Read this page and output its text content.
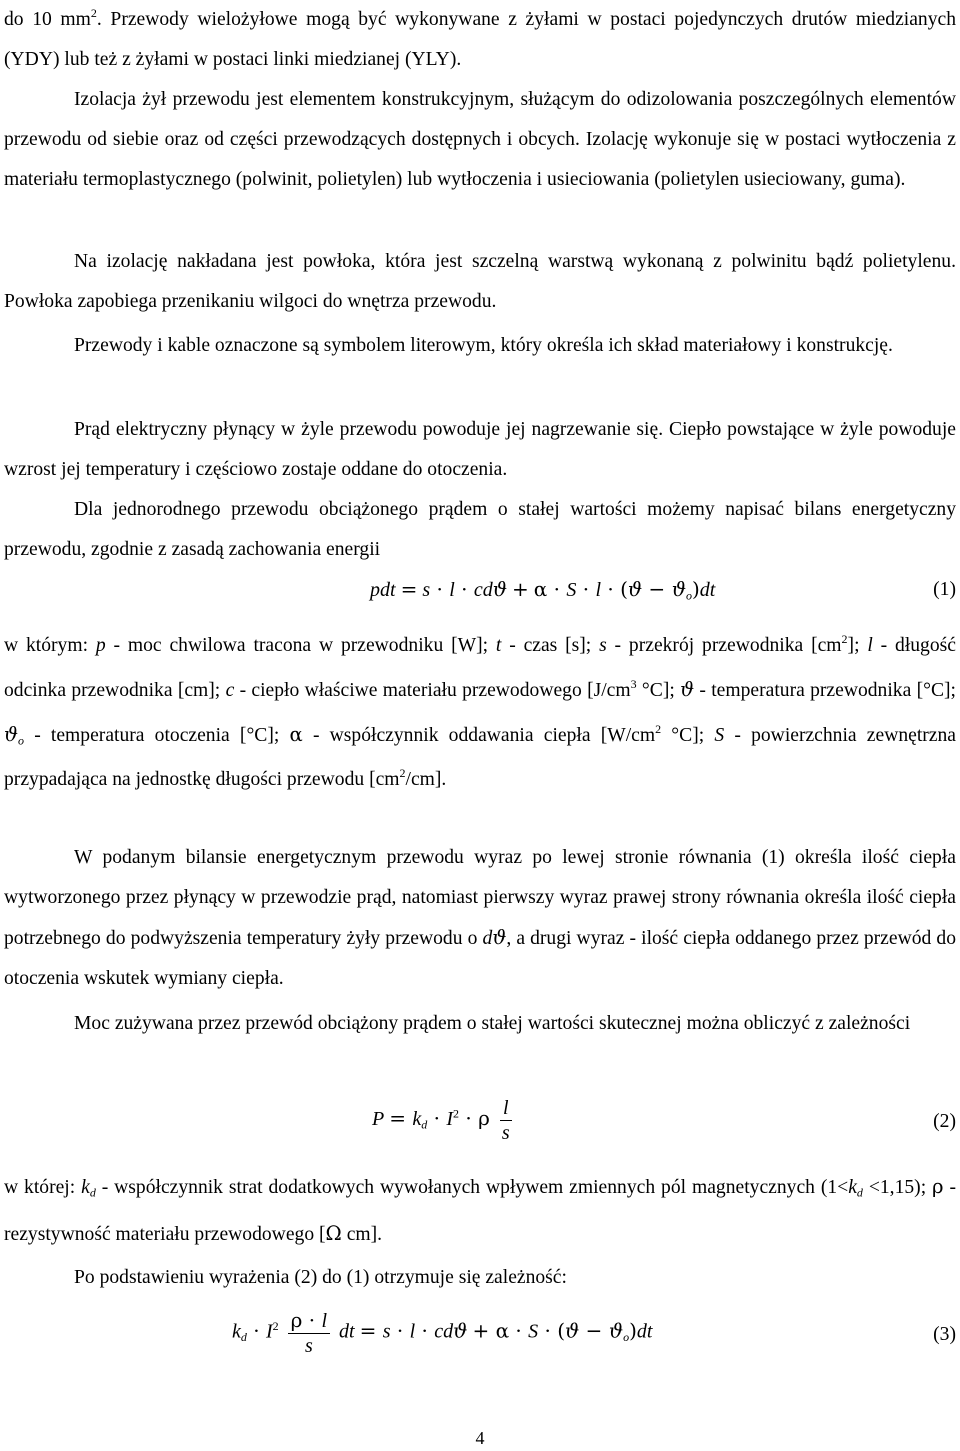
do 10 $mm^2$. Przewody wielożyłowe mogą być wykonywane z żyłami w postaci pojedynczych drutów miedzianych (YDY) lub też z żyłami w postaci linki miedzianej (YLY).

Izolacja żył przewodu jest elementem konstrukcyjnym, służącym do odizolowania poszczególnych elementów przewodu od siebie oraz od części przewodzących dostępnych i obcych. Izolację wykonuje się w postaci wytłoczenia z materiału termoplastycznego (polwinit, polietylen) lub wytłoczenia i usieciowania (polietylen usieciowany, guma).

Na izolację nakładana jest powłoka, która jest szczelną warstwą wykonaną z polwinitu bądź polietylenu. Powłoka zapobiega przenikaniu wilgoci do wnętrza przewodu.

Przewody i kable oznaczone są symbolem literowym, który określa ich skład materiałowy i konstrukcję.

Prąd elektryczny płynący w żyle przewodu powoduje jej nagrzewanie się. Ciepło powstające w żyle powoduje wzrost jej temperatury i częściowo zostaje oddane do otoczenia.

Dla jednorodnego przewodu obciążonego prądem o stałej wartości możemy napisać bilans energetyczny przewodu, zgodnie z zasadą zachowania energii

pdt = $s \cdot l \cdot cdϑ + \alpha \cdot S \cdot l \cdot (ϑ - ϑ_o)dt$	(1)

w którym: p - moc chwilowa tracona w przewodniku [W]; t - czas [s]; s - przekrój przewodnika $[cm^2]$; l - długość odcinka przewodnika [cm]; c - ciepło właściwe materiału przewodowego [$J/cm^3$ °C]; ϑ - temperatura przewodnika [°C]; $ϑ_o$ - temperatura otoczenia [°C]; α - współczynnik oddawania ciepła [$W/cm^2$ °C]; S - powierzchnia zewnętrzna przypadająca na jednostkę długości przewodu $[cm^2/cm]$.

W podanym bilansie energetycznym przewodu wyraz po lewej stronie równania (1) określa ilość ciepła wytworzonego przez płynący w przewodzie prąd, natomiast pierwszy wyraz prawej strony równania określa ilość ciepła potrzebnego do podwyższenia temperatury żyły przewodu o dϑ, a drugi wyraz - ilość ciepła oddanego przez przewód do otoczenia wskutek wymiany ciepła.

Moc zużywana przez przewód obciążony prądem o stałej wartości skutecznej można obliczyć z zależności

$P = k_d \cdot I^2 \cdot \rho \frac{l}{s}$	(2)

w której: $k_d$ - współczynnik strat dodatkowych wywołanych wpływem zmiennych pól magnetycznych $(1<k_d <1,15)$; ρ - rezystywność materiału przewodowego [Ω cm].

Po podstawieniu wyrażenia (2) do (1) otrzymuje się zależność:

$k_d \cdot I^2 \frac{\rho \cdot l}{s}$ dt = $s \cdot l \cdot cdϑ + \alpha \cdot S \cdot (ϑ - ϑ_o)dt$	(3)
4
